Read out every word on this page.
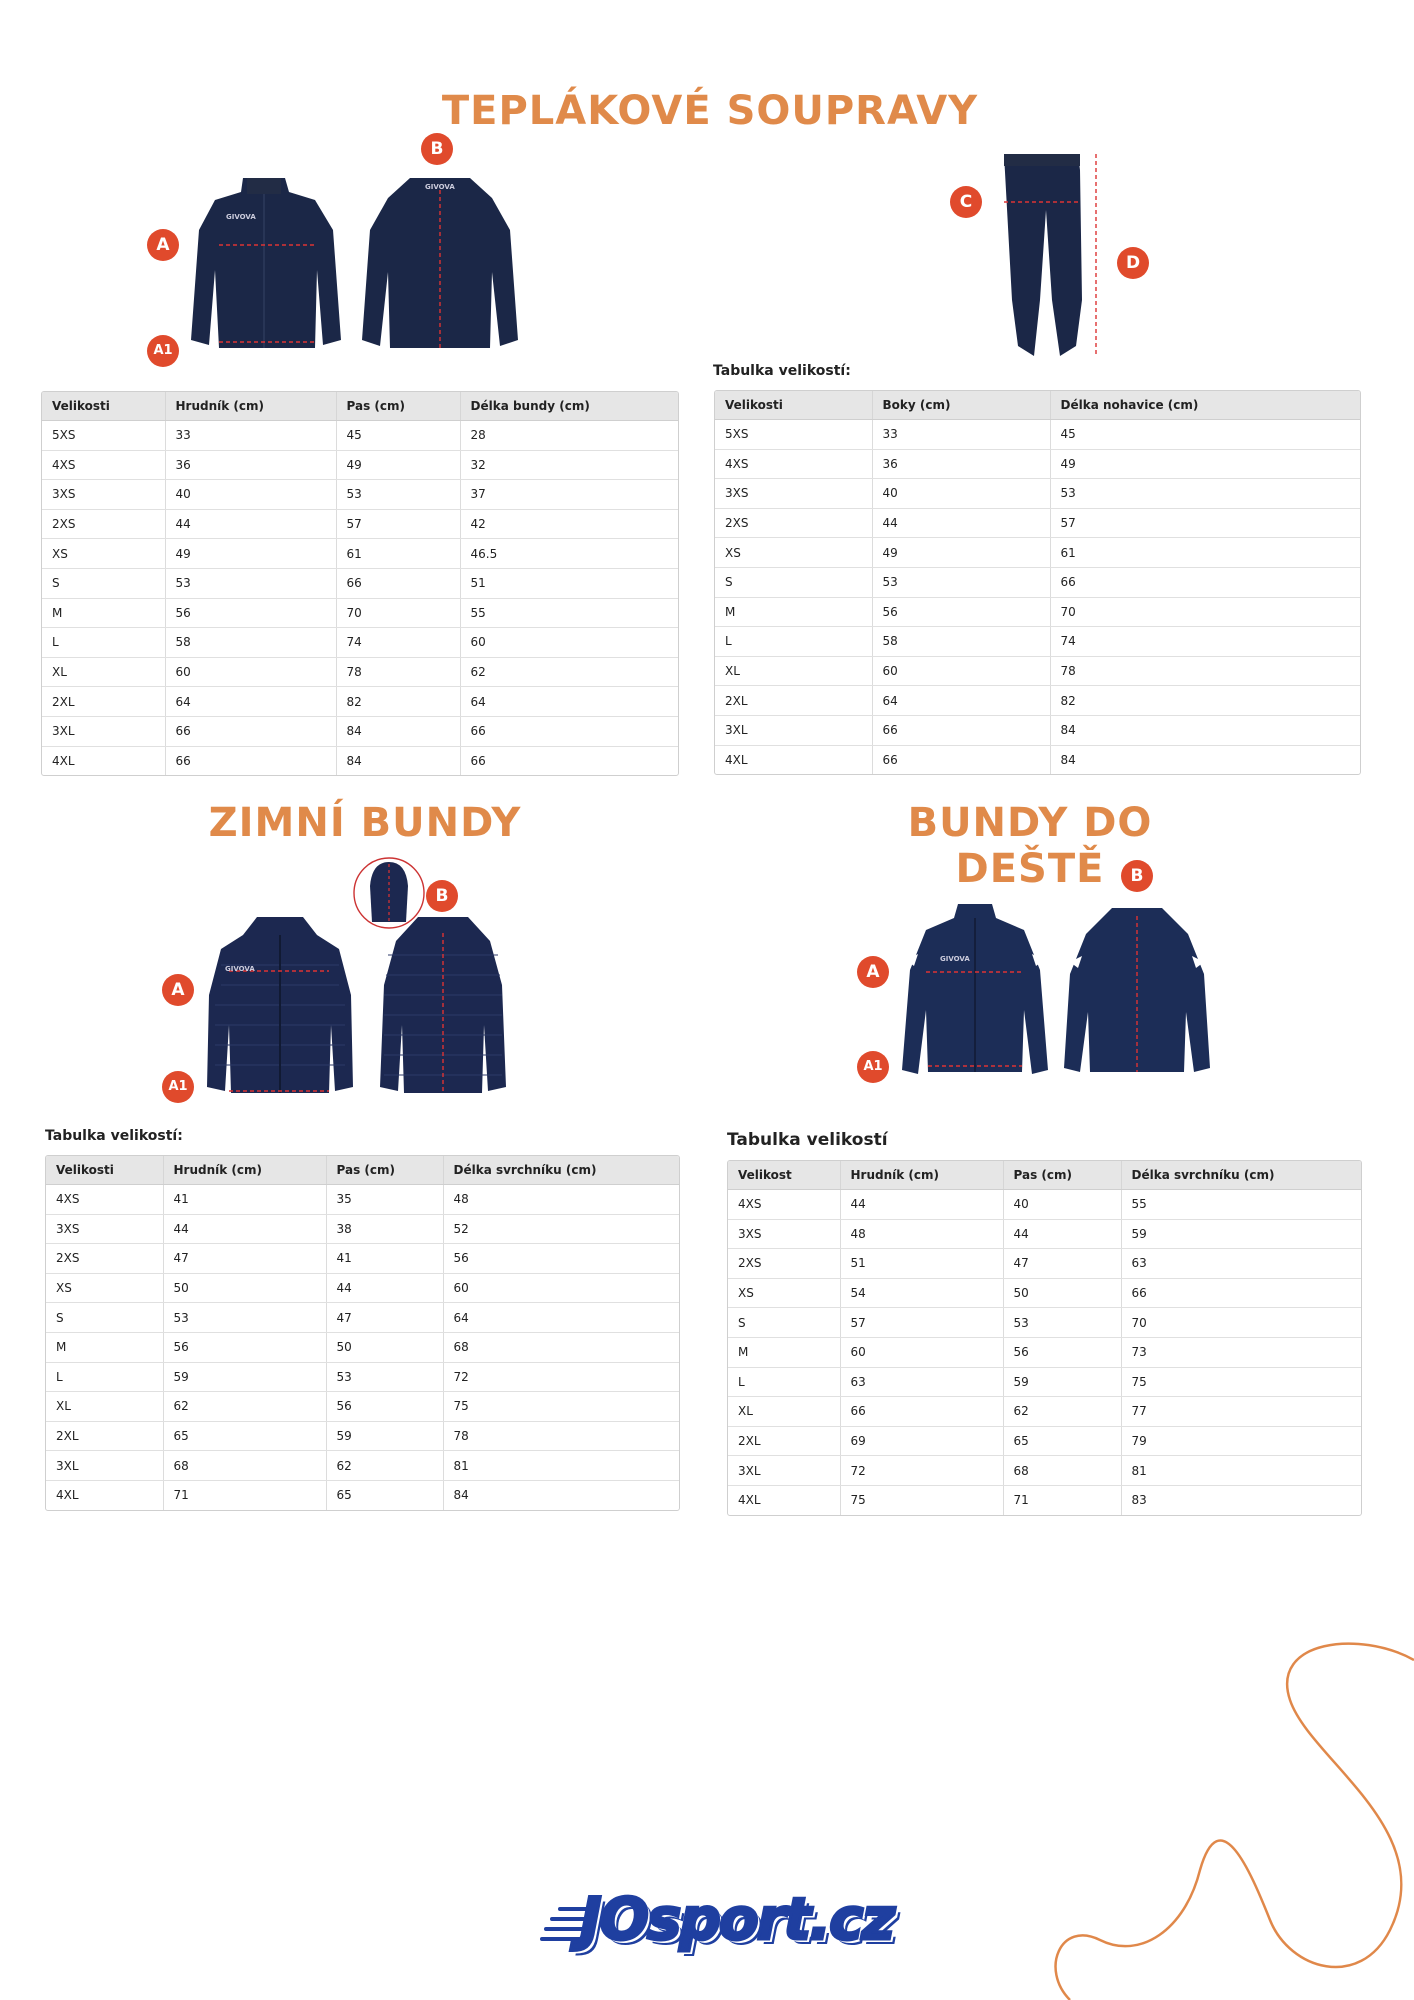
TEPLÁKOVÉ SOUPRAVY
GIVOVA
GIVOVA
A
A1
B
C
D
Tabulka velikostí:
Velikosti	Hrudník (cm)	Pas (cm)	Délka bundy (cm)
5XS	33	45	28
4XS	36	49	32
3XS	40	53	37
2XS	44	57	42
XS	49	61	46.5
S	53	66	51
M	56	70	55
L	58	74	60
XL	60	78	62
2XL	64	82	64
3XL	66	84	66
4XL	66	84	66
Velikosti	Boky (cm)	Délka nohavice (cm)
5XS	33	45
4XS	36	49
3XS	40	53
2XS	44	57
XS	49	61
S	53	66
M	56	70
L	58	74
XL	60	78
2XL	64	82
3XL	66	84
4XL	66	84
ZIMNÍ BUNDY
GIVOVA
A
A1
B
Tabulka velikostí:
Velikosti	Hrudník (cm)	Pas (cm)	Délka svrchníku (cm)
4XS	41	35	48
3XS	44	38	52
2XS	47	41	56
XS	50	44	60
S	53	47	64
M	56	50	68
L	59	53	72
XL	62	56	75
2XL	65	59	78
3XL	68	62	81
4XL	71	65	84
BUNDY DO DEŠTĚ
GIVOVA
A
A1
B
Tabulka velikostí
Velikost	Hrudník (cm)	Pas (cm)	Délka svrchníku (cm)
4XS	44	40	55
3XS	48	44	59
2XS	51	47	63
XS	54	50	66
S	57	53	70
M	60	56	73
L	63	59	75
XL	66	62	77
2XL	69	65	79
3XL	72	68	81
4XL	75	71	83
JOsport.cz
